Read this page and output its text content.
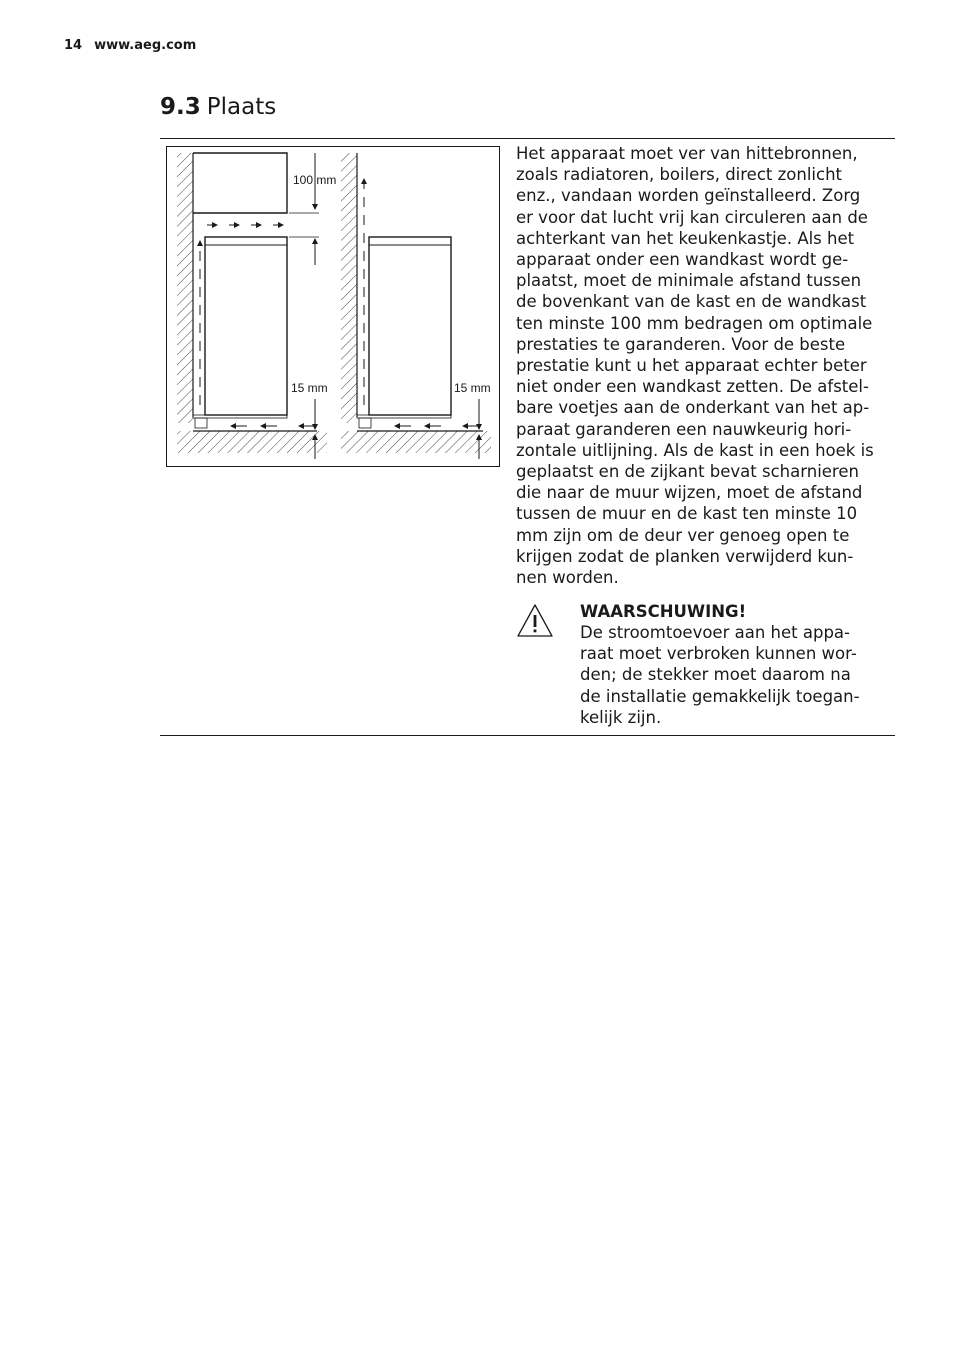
14 www.aeg.com
9.3 Plaats
100 mm
15 mm	15 mm

Het apparaat moet ver van hittebronnen,
zoals radiatoren, boilers, direct zonlicht
enz., vandaan worden geïnstalleerd. Zorg
er voor dat lucht vrij kan circuleren aan de
achterkant van het keukenkastje. Als het
apparaat onder een wandkast wordt ge-
plaatst, moet de minimale afstand tussen
de bovenkant van de kast en de wandkast
ten minste 100 mm bedragen om optimale
prestaties te garanderen. Voor de beste
prestatie kunt u het apparaat echter beter
niet onder een wandkast zetten. De afstel-
bare voetjes aan de onderkant van het ap-
paraat garanderen een nauwkeurig hori-
zontale uitlijning. Als de kast in een hoek is
geplaatst en de zijkant bevat scharnieren
die naar de muur wijzen, moet de afstand
tussen de muur en de kast ten minste 10
mm zijn om de deur ver genoeg open te
krijgen zodat de planken verwijderd kun-
nen worden.

WAARSCHUWING!

De stroomtoevoer aan het appa-
raat moet verbroken kunnen wor-
den; de stekker moet daarom na
de installatie gemakkelijk toegan-
kelijk zijn.
